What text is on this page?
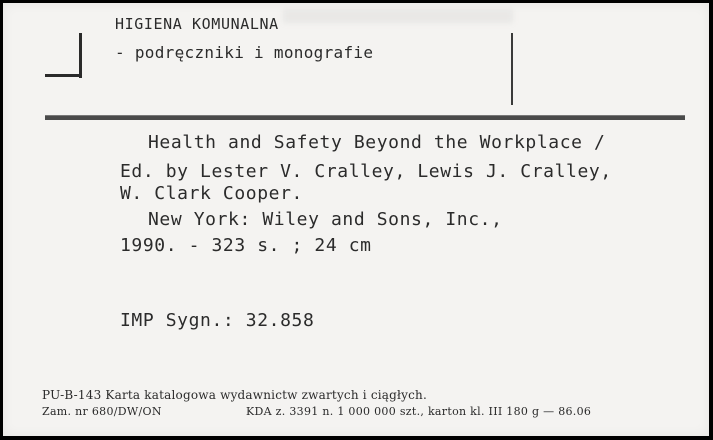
HIGIENA KOMUNALNA
- podręczniki i monografie
Health and Safety Beyond the Workplace /
Ed. by Lester V. Cralley, Lewis J. Cralley,
W. Clark Cooper.
New York: Wiley and Sons, Inc.,
1990. - 323 s. ; 24 cm
IMP Sygn.: 32.858
PU-B-143 Karta katalogowa wydawnictw zwartych i ciągłych.
Zam. nr 680/DW/ON	KDA z. 3391 n. 1 000 000 szt., karton kl. III 180 g — 86.06
